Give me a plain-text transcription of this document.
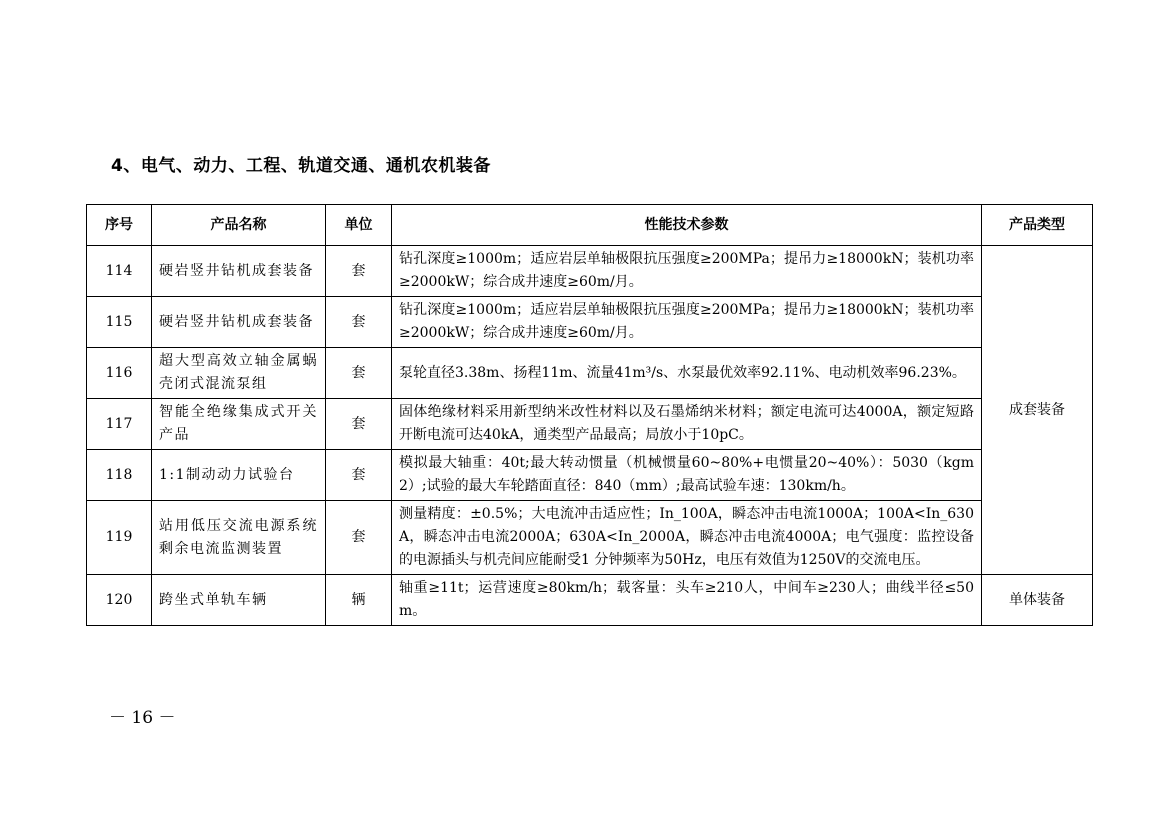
4、电气、动力、工程、轨道交通、通机农机装备
序号	产品名称	单位	性能技术参数	产品类型
114	硬岩竖井钻机成套装备	套	钻孔深度≥1000m；适应岩层单轴极限抗压强度≥200MPa；提吊力≥18000kN；装机功率≥2000kW；综合成井速度≥60m/月。	成套装备
115	硬岩竖井钻机成套装备	套	钻孔深度≥1000m；适应岩层单轴极限抗压强度≥200MPa；提吊力≥18000kN；装机功率≥2000kW；综合成井速度≥60m/月。	
116	超大型高效立轴金属蜗壳闭式混流泵组	套	泵轮直径3.38m、扬程11m、流量41m³/s、水泵最优效率92.11%、电动机效率96.23%。	
117	智能全绝缘集成式开关产品	套	固体绝缘材料采用新型纳米改性材料以及石墨烯纳米材料；额定电流可达4000A，额定短路开断电流可达40kA，通类型产品最高；局放小于10pC。	
118	1:1制动动力试验台	套	模拟最大轴重：40t;最大转动惯量（机械惯量60~80%+电惯量20~40%）：5030（kgm2）;试验的最大车轮踏面直径：840（mm）;最高试验车速：130km/h。	
119	站用低压交流电源系统剩余电流监测装置	套	测量精度：±0.5%；大电流冲击适应性；In_100A，瞬态冲击电流1000A；100A<In_630A，瞬态冲击电流2000A；630A<In_2000A，瞬态冲击电流4000A；电气强度：监控设备的电源插头与机壳间应能耐受1 分钟频率为50Hz，电压有效值为1250V的交流电压。	
120	跨坐式单轨车辆	辆	轴重≥11t；运营速度≥80km/h；载客量：头车≥210人，中间车≥230人；曲线半径≤50m。	单体装备
－ 16 －
